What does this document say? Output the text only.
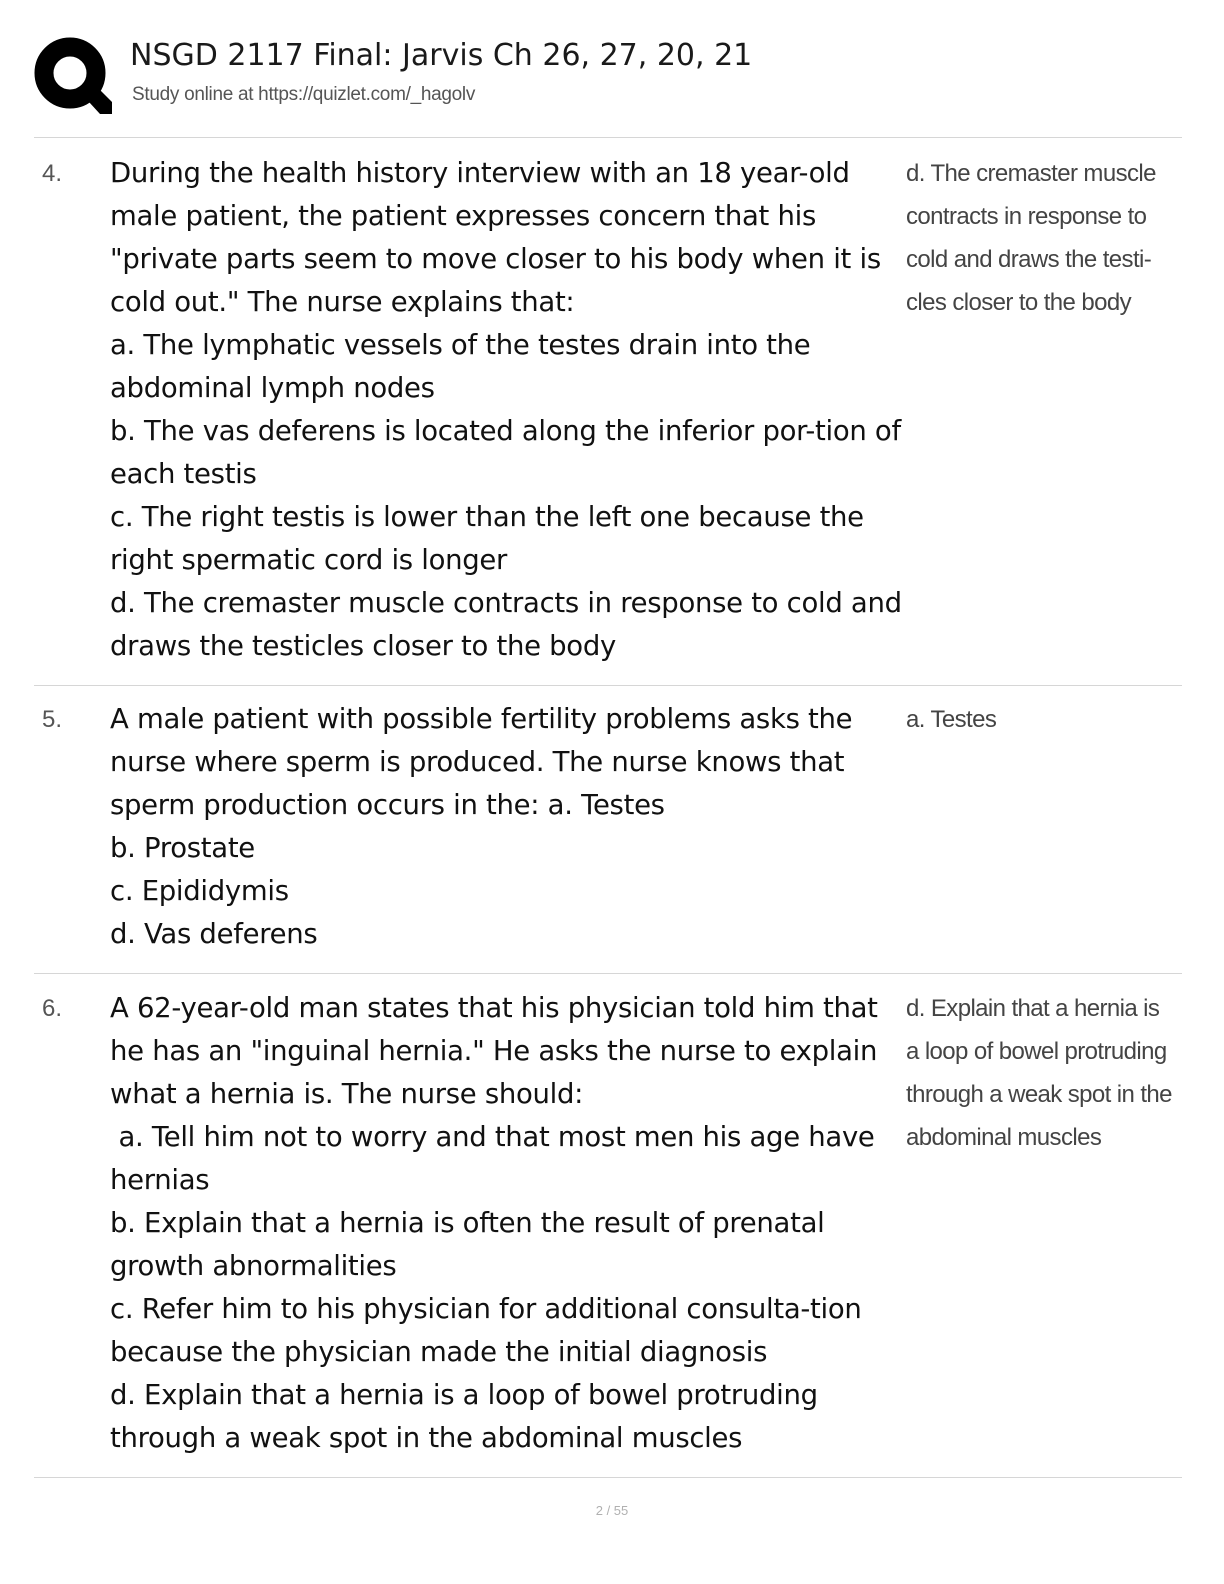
NSGD 2117 Final: Jarvis Ch 26, 27, 20, 21
Study online at https://quizlet.com/_hagolv
4. During the health history interview with an 18 year-old male patient, the patient expresses concern that his "private parts seem to move closer to his body when it is cold out." The nurse explains that:
a. The lymphatic vessels of the testes drain into the abdominal lymph nodes
b. The vas deferens is located along the inferior por-tion of each testis
c. The right testis is lower than the left one because the right spermatic cord is longer
d. The cremaster muscle contracts in response to cold and draws the testicles closer to the body
d. The cremaster muscle contracts in response to cold and draws the testi-cles closer to the body
5. A male patient with possible fertility problems asks the nurse where sperm is produced. The nurse knows that sperm production occurs in the: a. Testes
b. Prostate
c. Epididymis
d. Vas deferens
a. Testes
6. A 62-year-old man states that his physician told him that he has an "inguinal hernia." He asks the nurse to explain what a hernia is. The nurse should:
a. Tell him not to worry and that most men his age have hernias
b. Explain that a hernia is often the result of prenatal growth abnormalities
c. Refer him to his physician for additional consulta-tion because the physician made the initial diagnosis
d. Explain that a hernia is a loop of bowel protruding through a weak spot in the abdominal muscles
d. Explain that a hernia is a loop of bowel protruding through a weak spot in the abdominal muscles
2 / 55
